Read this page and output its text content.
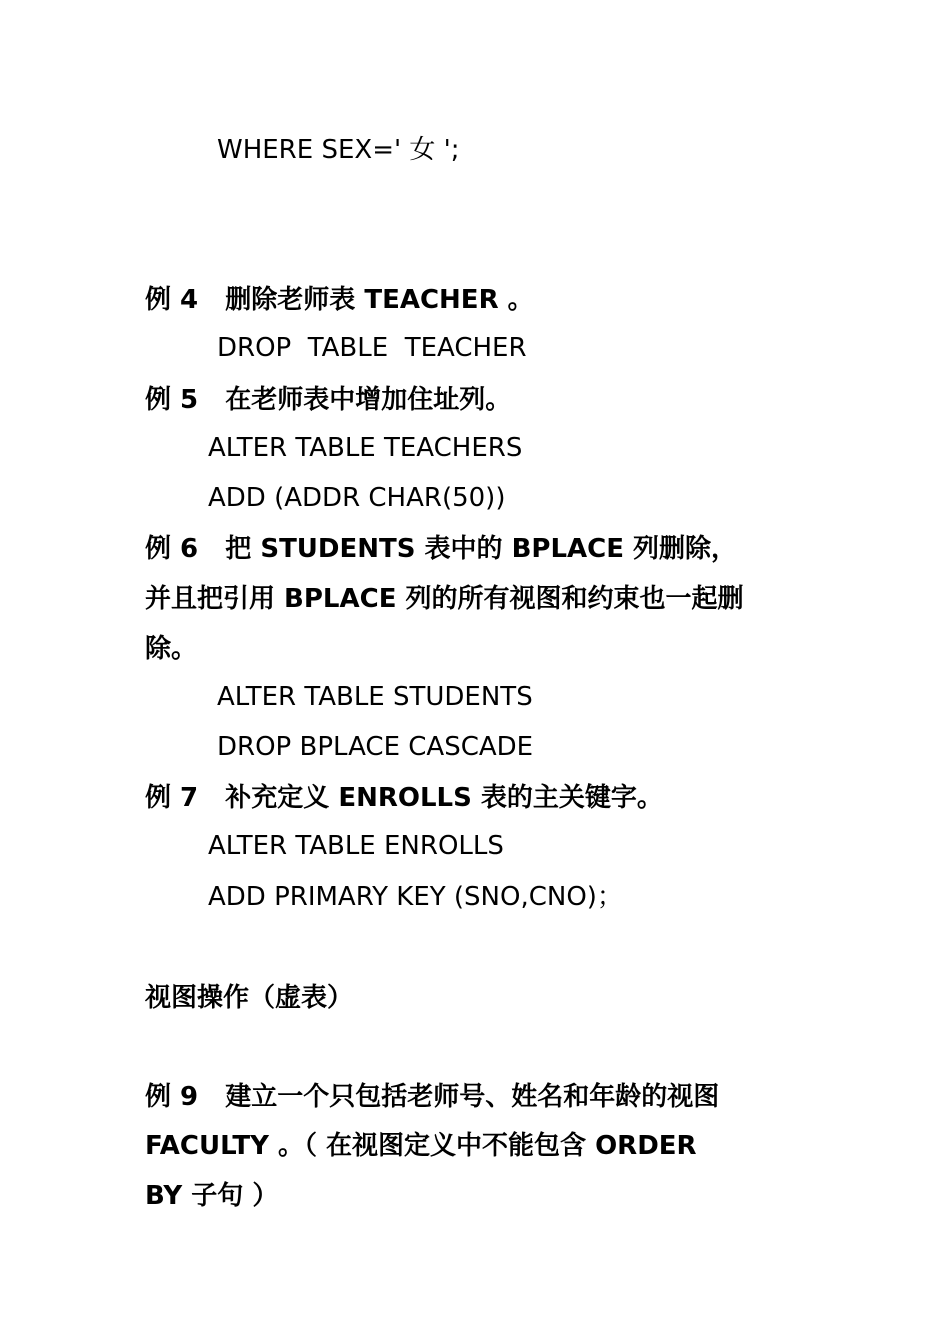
WHERE SEX=' 女 ';
例 4   删除老师表 TEACHER 。
DROP  TABLE  TEACHER
例 5   在老师表中增加住址列。
ALTER TABLE TEACHERS
ADD (ADDR CHAR(50))
例 6   把 STUDENTS 表中的 BPLACE 列删除，
并且把引用 BPLACE 列的所有视图和约束也一起删
除。
ALTER TABLE STUDENTS
DROP BPLACE CASCADE
例 7   补充定义 ENROLLS 表的主关键字。
ALTER TABLE ENROLLS
ADD PRIMARY KEY (SNO,CNO)；
视图操作（虚表）
例 9   建立一个只包括老师号、姓名和年龄的视图
FACULTY 。（ 在视图定义中不能包含 ORDER
BY 子句 ）
